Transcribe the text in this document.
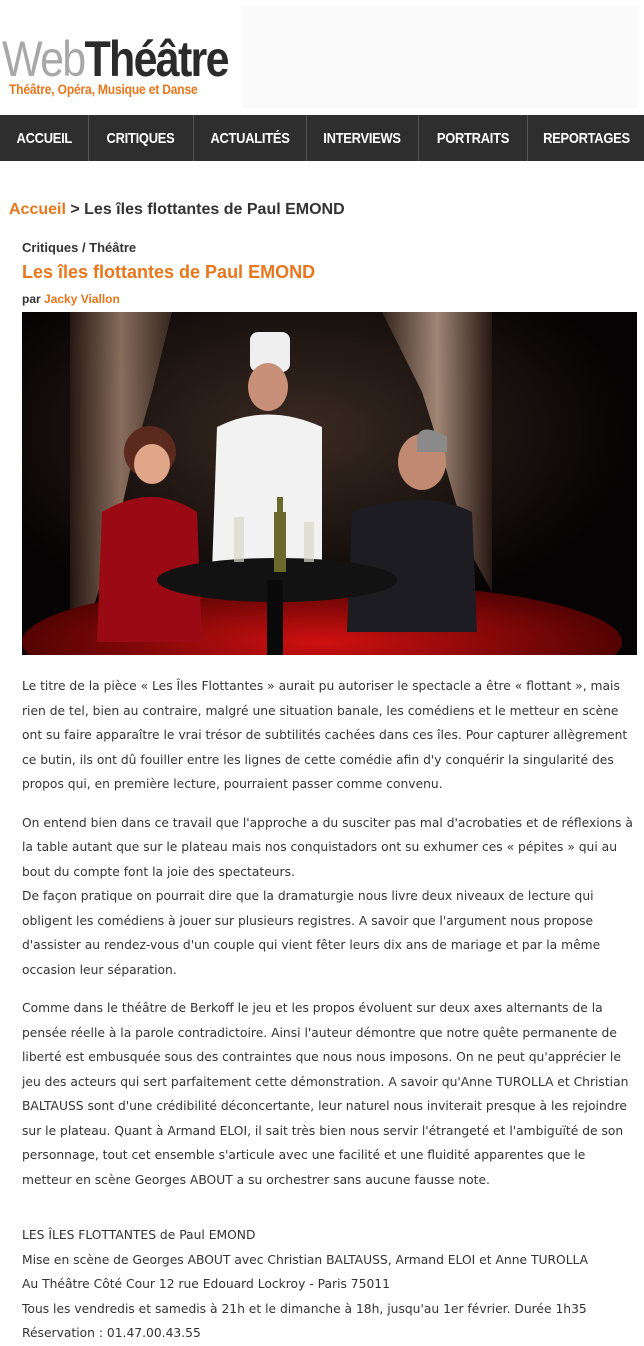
WebThéâtre
Théâtre, Opéra, Musique et Danse
ACCUEIL CRITIQUES ACTUALITÉS INTERVIEWS PORTRAITS REPORTAGES
Accueil > Les îles flottantes de Paul EMOND
Critiques / Théâtre
Les îles flottantes de Paul EMOND
par Jacky Viallon

Le titre de la pièce « Les Îles Flottantes » aurait pu autoriser le spectacle a être « flottant », mais rien de tel, bien au contraire, malgré une situation banale, les comédiens et le metteur en scène ont su faire apparaître le vrai trésor de subtilités cachées dans ces îles. Pour capturer allègrement ce butin, ils ont dû fouiller entre les lignes de cette comédie afin d'y conquérir la singularité des propos qui, en première lecture, pourraient passer comme convenu.

On entend bien dans ce travail que l'approche a du susciter pas mal d'acrobaties et de réflexions à la table autant que sur le plateau mais nos conquistadors ont su exhumer ces « pépites » qui au bout du compte font la joie des spectateurs.

De façon pratique on pourrait dire que la dramaturgie nous livre deux niveaux de lecture qui obligent les comédiens à jouer sur plusieurs registres. A savoir que l'argument nous propose d'assister au rendez-vous d'un couple qui vient fêter leurs dix ans de mariage et par la même occasion leur séparation.

Comme dans le théâtre de Berkoff le jeu et les propos évoluent sur deux axes alternants de la pensée réelle à la parole contradictoire. Ainsi l'auteur démontre que notre quête permanente de liberté est embusquée sous des contraintes que nous nous imposons. On ne peut qu'apprécier le jeu des acteurs qui sert parfaitement cette démonstration. A savoir qu'Anne TUROLLA et Christian BALTAUSS sont d'une crédibilité déconcertante, leur naturel nous inviterait presque à les rejoindre sur le plateau. Quant à Armand ELOI, il sait très bien nous servir l'étrangeté et l'ambiguïté de son personnage, tout cet ensemble s'articule avec une facilité et une fluidité apparentes que le metteur en scène Georges ABOUT a su orchestrer sans aucune fausse note.

LES ÎLES FLOTTANTES de Paul EMOND
Mise en scène de Georges ABOUT avec Christian BALTAUSS, Armand ELOI et Anne TUROLLA
Au Théâtre Côté Cour 12 rue Edouard Lockroy - Paris 75011
Tous les vendredis et samedis à 21h et le dimanche à 18h, jusqu'au 1er février. Durée 1h35
Réservation : 01.47.00.43.55
